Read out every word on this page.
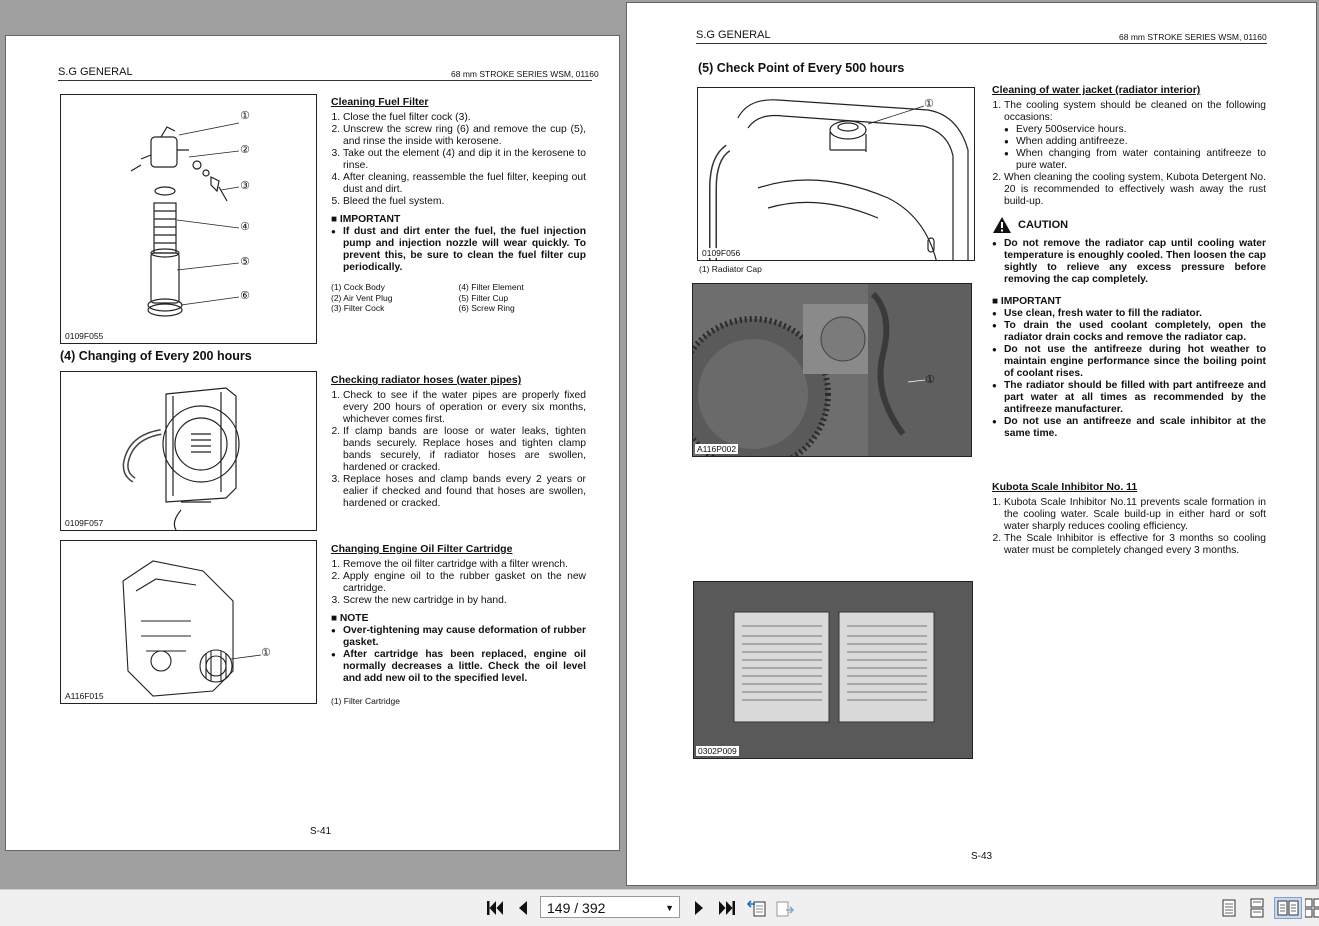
S.G GENERAL	68 mm STROKE SERIES WSM, 01160
①
②
③
④
⑤
⑥
0109F055
Cleaning Fuel Filter
1. Close the fuel filter cock (3).
2. Unscrew the screw ring (6) and remove the cup (5), and rinse the inside with kerosene.
3. Take out the element (4) and dip it in the kerosene to rinse.
4. After cleaning, reassemble the fuel filter, keeping out dust and dirt.
5. Bleed the fuel system.
■ IMPORTANT
● If dust and dirt enter the fuel, the fuel injection pump and injection nozzle will wear quickly. To prevent this, be sure to clean the fuel filter cup periodically.
(1) Cock Body	(4) Filter Element
(2) Air Vent Plug	(5) Filter Cup
(3) Filter Cock	(6) Screw Ring
(4) Changing of Every 200 hours
0109F057
Checking radiator hoses (water pipes)
1. Check to see if the water pipes are properly fixed every 200 hours of operation or every six months, whichever comes first.
2. If clamp bands are loose or water leaks, tighten bands securely. Replace hoses and tighten clamp bands securely, if radiator hoses are swollen, hardened or cracked.
3. Replace hoses and clamp bands every 2 years or ealier if checked and found that hoses are swollen, hardened or cracked.
①
A116F015
Changing Engine Oil Filter Cartridge
1. Remove the oil filter cartridge with a filter wrench.
2. Apply engine oil to the rubber gasket on the new cartridge.
3. Screw the new cartridge in by hand.
■ NOTE
● Over-tightening may cause deformation of rubber gasket.
● After cartridge has been replaced, engine oil normally decreases a little. Check the oil level and add new oil to the specified level.
(1) Filter Cartridge
S-41
S.G GENERAL	68 mm STROKE SERIES WSM, 01160
(5) Check Point of Every 500 hours
①
0109F056
(1) Radiator Cap
①
A116P002
0302P009
Cleaning of water jacket (radiator interior)
1. The cooling system should be cleaned on the following occasions:
● Every 500service hours.
● When adding antifreeze.
● When changing from water containing antifreeze to pure water.
2. When cleaning the cooling system, Kubota Detergent No. 20 is recommended to effectively wash away the rust build-up.
CAUTION
● Do not remove the radiator cap until cooling water temperature is enoughly cooled. Then loosen the cap sightly to relieve any excess pressure before removing the cap completely.
■ IMPORTANT
● Use clean, fresh water to fill the radiator.
● To drain the used coolant completely, open the radiator drain cocks and remove the radiator cap.
● Do not use the antifreeze during hot weather to maintain engine performance since the boiling point of coolant rises.
● The radiator should be filled with part antifreeze and part water at all times as recommended by the antifreeze manufacturer.
● Do not use an antifreeze and scale inhibitor at the same time.
Kubota Scale Inhibitor No. 11
1. Kubota Scale Inhibitor No.11 prevents scale formation in the cooling water. Scale build-up in either hard or soft water sharply reduces cooling efficiency.
2. The Scale Inhibitor is effective for 3 months so cooling water must be completely changed every 3 months.
S-43
149 / 392	▼
